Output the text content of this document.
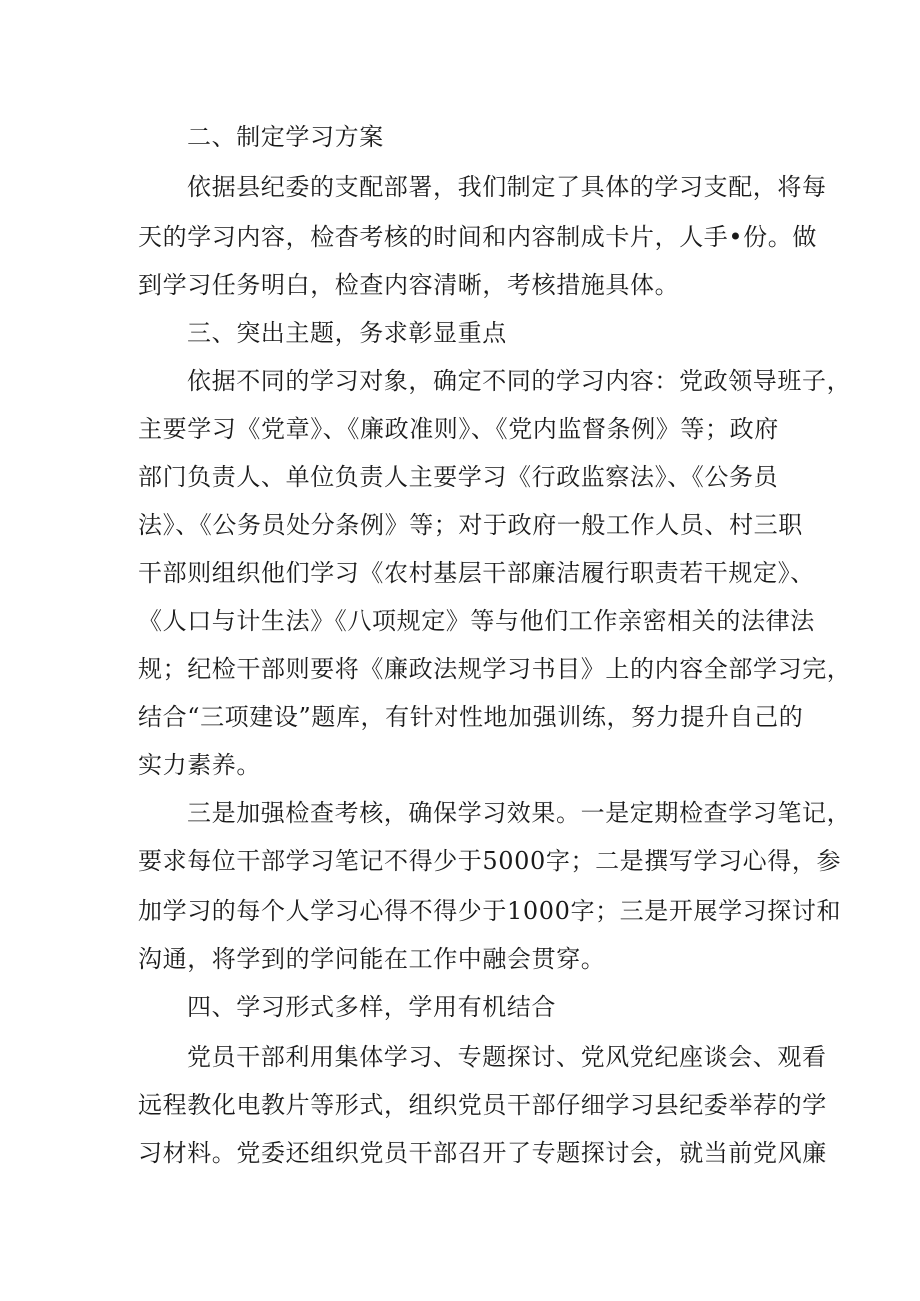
二、制定学习方案
依据县纪委的支配部署，我们制定了具体的学习支配，将每
天的学习内容，检杳考核的时间和内容制成卡片，人手•份。做
到学习任务明白，检查内容清晰，考核措施具体。
三、突出主题，务求彰显重点
依据不同的学习对象，确定不同的学习内容：党政领导班子，
主要学习《党章》、《廉政准则》、《党内监督条例》等；政府
部门负责人、单位负责人主要学习《行政监察法》、《公务员
法》、《公务员处分条例》等；对于政府一般工作人员、村三职
干部则组织他们学习《农村基层干部廉洁履行职责若干规定》、
《人口与计生法》《八项规定》等与他们工作亲密相关的法律法
规；纪检干部则要将《廉政法规学习书目》上的内容全部学习完，
结合“三项建设”题库，有针对性地加强训练，努力提升自己的
实力素养。
三是加强检查考核，确保学习效果。一是定期检查学习笔记，
要求每位干部学习笔记不得少于5000字；二是撰写学习心得，参
加学习的每个人学习心得不得少于1000字；三是开展学习探讨和
沟通，将学到的学问能在工作中融会贯穿。
四、学习形式多样，学用有机结合
党员干部利用集体学习、专题探讨、党风党纪座谈会、观看
远程教化电教片等形式，组织党员干部仔细学习县纪委举荐的学
习材料。党委还组织党员干部召开了专题探讨会，就当前党风廉
